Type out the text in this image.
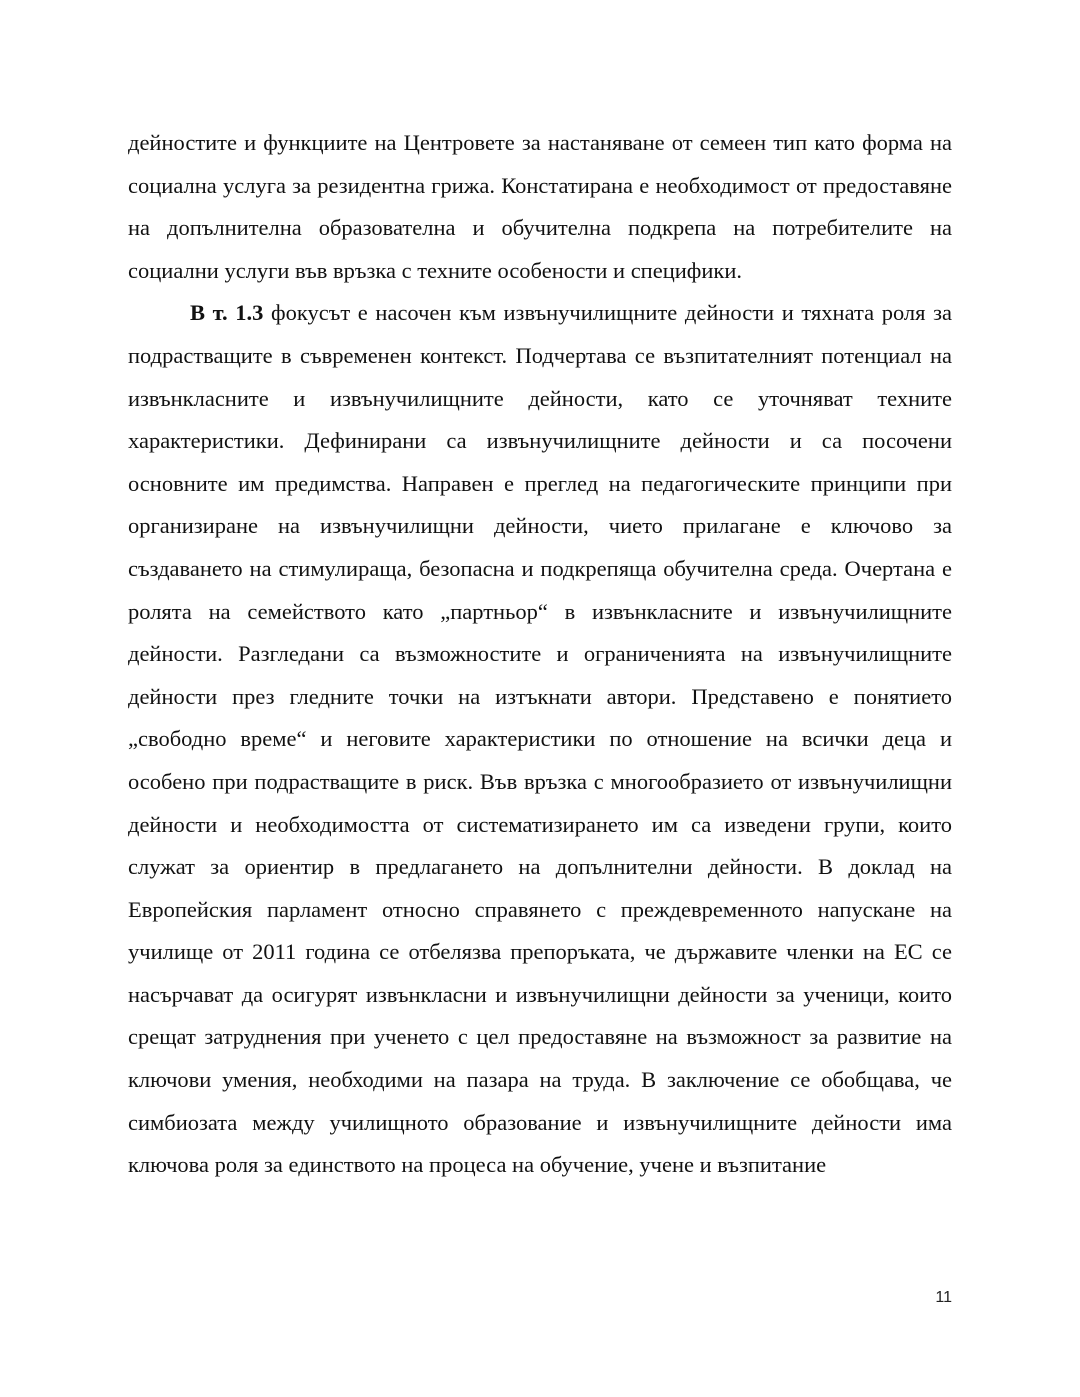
дейностите и функциите на Центровете за настаняване от семеен тип като форма на социална услуга за резидентна грижа. Констатирана е необходимост от предоставяне на допълнителна образователна и обучителна подкрепа на потребителите на социални услуги във връзка с техните особености и специфики.

В т. 1.3 фокусът е насочен към извънучилищните дейности и тяхната роля за подрастващите в съвременен контекст. Подчертава се възпитателният потенциал на извънкласните и извънучилищните дейности, като се уточняват техните характеристики. Дефинирани са извънучилищните дейности и са посочени основните им предимства. Направен е преглед на педагогическите принципи при организиране на извънучилищни дейности, чието прилагане е ключово за създаването на стимулираща, безопасна и подкрепяща обучителна среда. Очертана е ролята на семейството като „партньор“ в извънкласните и извънучилищните дейности. Разгледани са възможностите и ограниченията на извънучилищните дейности през гледните точки на изтъкнати автори. Представено е понятието „свободно време“ и неговите характеристики по отношение на всички деца и особено при подрастващите в риск. Във връзка с многообразието от извънучилищни дейности и необходимостта от систематизирането им са изведени групи, които служат за ориентир в предлагането на допълнителни дейности. В доклад на Европейския парламент относно справянето с преждевременното напускане на училище от 2011 година се отбелязва препоръката, че държавите членки на ЕС се насърчават да осигурят извънкласни и извънучилищни дейности за ученици, които срещат затруднения при ученето с цел предоставяне на възможност за развитие на ключови умения, необходими на пазара на труда. В заключение се обобщава, че симбиозата между училищното образование и извънучилищните дейности има ключова роля за единството на процеса на обучение, учене и възпитание

11
